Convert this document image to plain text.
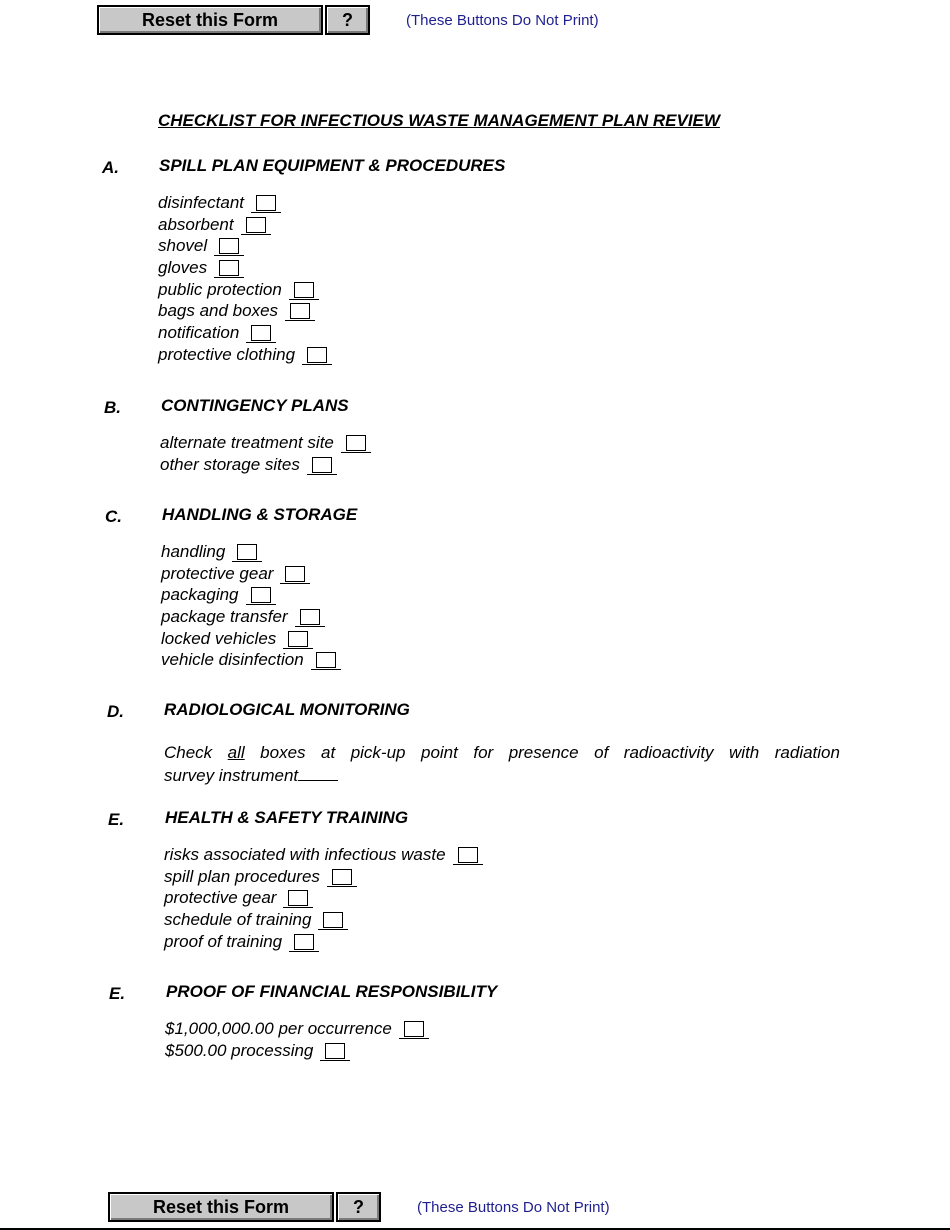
Reset this Form	?	(These Buttons Do Not Print)
CHECKLIST FOR INFECTIOUS WASTE MANAGEMENT PLAN REVIEW
A. SPILL PLAN EQUIPMENT & PROCEDURES
disinfectant
absorbent
shovel
gloves
public protection
bags and boxes
notification
protective clothing
B. CONTINGENCY PLANS
alternate treatment site
other storage sites
C. HANDLING & STORAGE
handling
protective gear
packaging
package transfer
locked vehicles
vehicle disinfection
D. RADIOLOGICAL MONITORING
Check all boxes at pick-up point for presence of radioactivity with radiation
survey instrument
E. HEALTH & SAFETY TRAINING
risks associated with infectious waste
spill plan procedures
protective gear
schedule of training
proof of training
E. PROOF OF FINANCIAL RESPONSIBILITY
$1,000,000.00 per occurrence
$500.00 processing
Reset this Form	?	(These Buttons Do Not Print)
